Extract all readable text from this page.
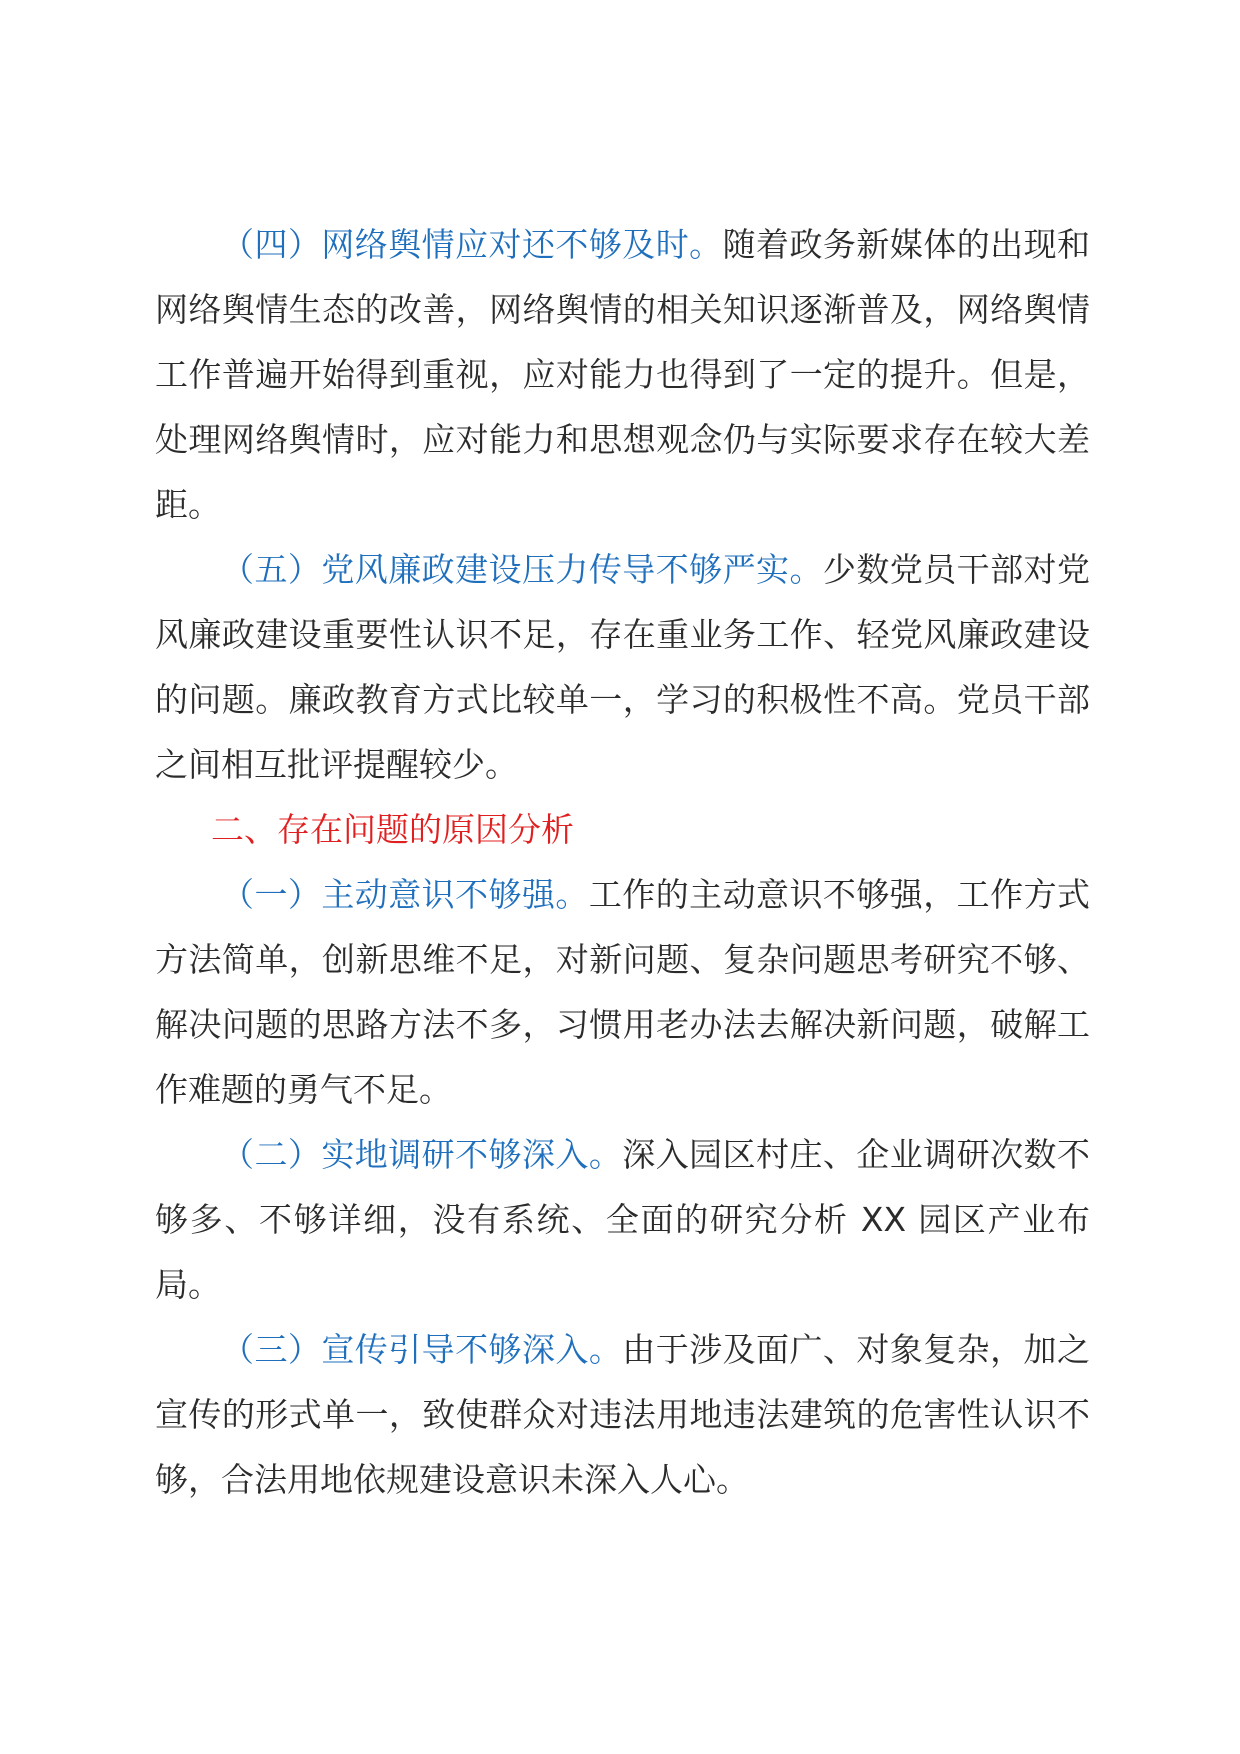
（四）网络舆情应对还不够及时。随着政务新媒体的出现和网络舆情生态的改善，网络舆情的相关知识逐渐普及，网络舆情工作普遍开始得到重视，应对能力也得到了一定的提升。但是，处理网络舆情时，应对能力和思想观念仍与实际要求存在较大差距。

（五）党风廉政建设压力传导不够严实。少数党员干部对党风廉政建设重要性认识不足，存在重业务工作、轻党风廉政建设的问题。廉政教育方式比较单一，学习的积极性不高。党员干部之间相互批评提醒较少。

二、存在问题的原因分析

（一）主动意识不够强。工作的主动意识不够强，工作方式方法简单，创新思维不足，对新问题、复杂问题思考研究不够、解决问题的思路方法不多，习惯用老办法去解决新问题，破解工作难题的勇气不足。

（二）实地调研不够深入。深入园区村庄、企业调研次数不够多、不够详细，没有系统、全面的研究分析 XX 园区产业布局。

（三）宣传引导不够深入。由于涉及面广、对象复杂，加之宣传的形式单一，致使群众对违法用地违法建筑的危害性认识不够，合法用地依规建设意识未深入人心。
